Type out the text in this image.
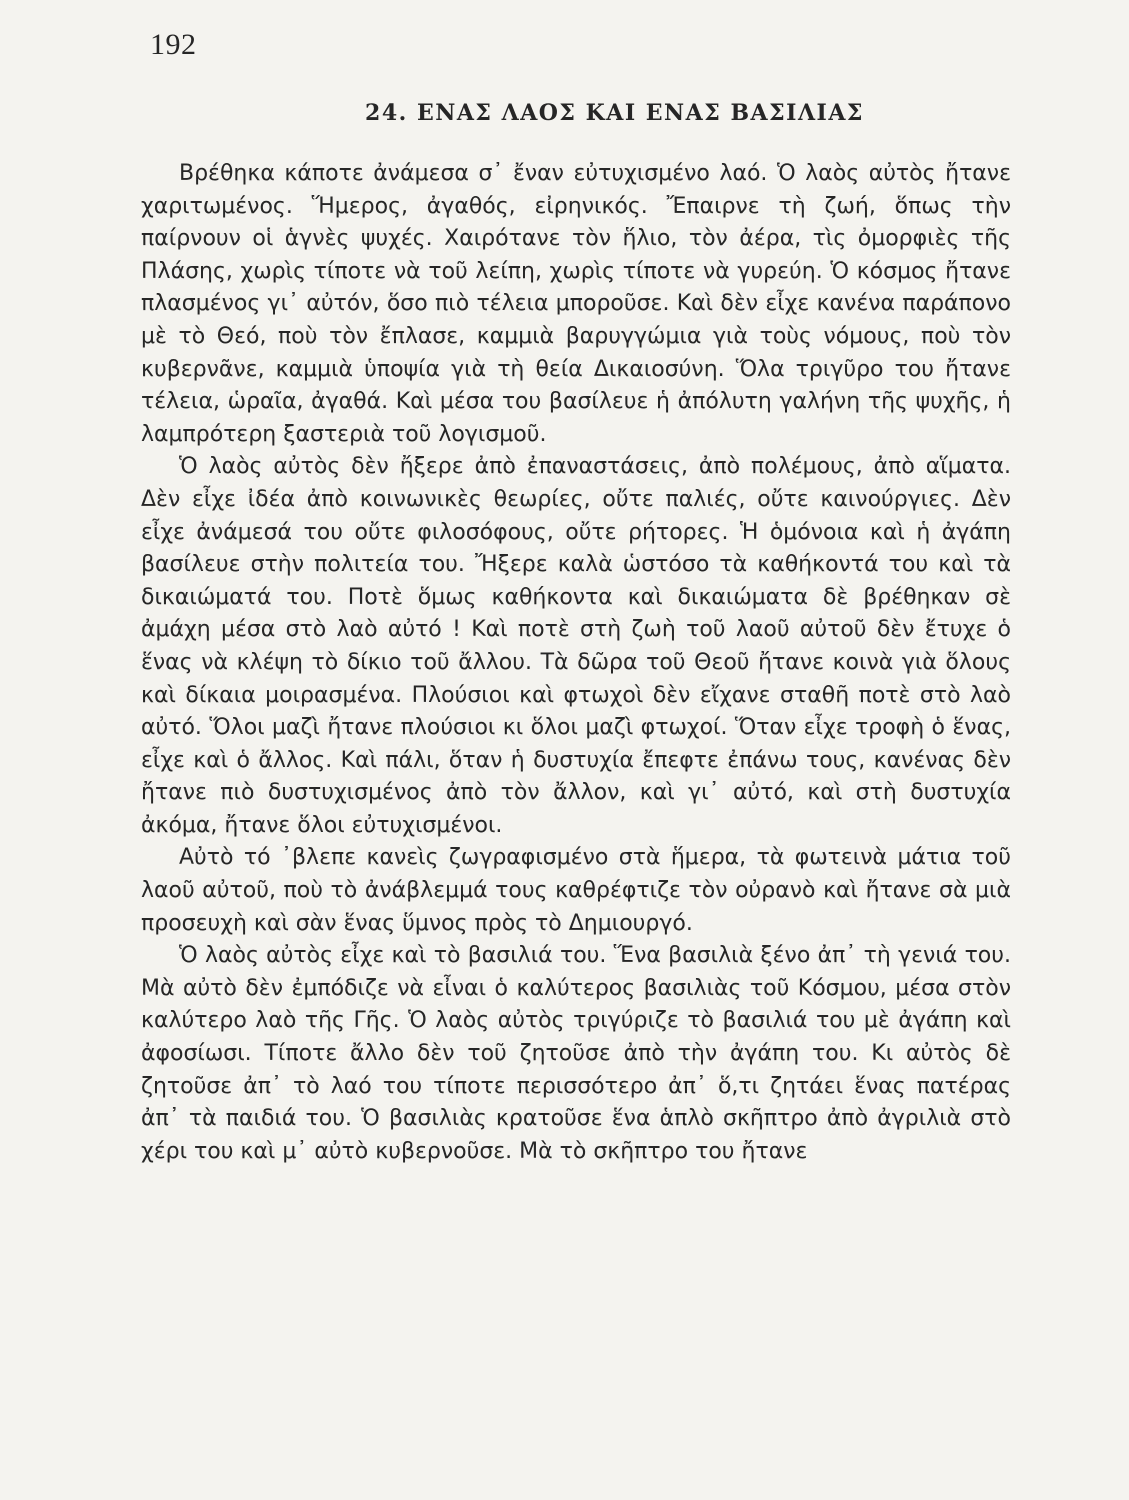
192
24. ΕΝΑΣ ΛΑΟΣ ΚΑΙ ΕΝΑΣ ΒΑΣΙΛΙΑΣ

Βρέθηκα κάποτε ἀνάμεσα σ᾽ ἔναν εὐτυχισμένο λαό. Ὁ λαὸς αὐτὸς ἤτανε χαριτωμένος. Ἥμερος, ἀγαθός, εἰρηνικός. Ἔπαιρνε τὴ ζωή, ὅπως τὴν παίρνουν οἱ ἁγνὲς ψυχές. Χαιρότανε τὸν ἥλιο, τὸν ἀέρα, τὶς ὀμορφιὲς τῆς Πλάσης, χωρὶς τίποτε νὰ τοῦ λείπη, χωρὶς τίποτε νὰ γυρεύη. Ὁ κόσμος ἤτανε πλασμένος γι᾽ αὐτόν, ὅσο πιὸ τέλεια μποροῦσε. Καὶ δὲν εἶχε κανένα παράπονο μὲ τὸ Θεό, ποὺ τὸν ἔπλασε, καμμιὰ βαρυγγώμια γιὰ τοὺς νόμους, ποὺ τὸν κυβερνᾶνε, καμμιὰ ὑποψία γιὰ τὴ θεία Δικαιοσύνη. Ὅλα τριγῦρο του ἤτανε τέλεια, ὡραῖα, ἀγαθά. Καὶ μέσα του βασίλευε ἡ ἀπόλυτη γαλήνη τῆς ψυχῆς, ἡ λαμπρότερη ξαστεριὰ τοῦ λογισμοῦ.

Ὁ λαὸς αὐτὸς δὲν ἤξερε ἀπὸ ἐπαναστάσεις, ἀπὸ πολέμους, ἀπὸ αἵματα. Δὲν εἶχε ἰδέα ἀπὸ κοινωνικὲς θεωρίες, οὔτε παλιές, οὔτε καινούργιες. Δὲν εἶχε ἀνάμεσά του οὔτε φιλοσόφους, οὔτε ρήτορες. Ἡ ὁμόνοια καὶ ἡ ἀγάπη βασίλευε στὴν πολιτεία του. Ἤξερε καλὰ ὡστόσο τὰ καθήκοντά του καὶ τὰ δικαιώματά του. Ποτὲ ὅμως καθήκοντα καὶ δικαιώματα δὲ βρέθηκαν σὲ ἀμάχη μέσα στὸ λαὸ αὐτό ! Καὶ ποτὲ στὴ ζωὴ τοῦ λαοῦ αὐτοῦ δὲν ἔτυχε ὁ ἕνας νὰ κλέψη τὸ δίκιο τοῦ ἄλλου. Τὰ δῶρα τοῦ Θεοῦ ἤτανε κοινὰ γιὰ ὅλους καὶ δίκαια μοιρασμένα. Πλούσιοι καὶ φτωχοὶ δὲν εἴχανε σταθῆ ποτὲ στὸ λαὸ αὐτό. Ὅλοι μαζὶ ἤτανε πλούσιοι κι ὅλοι μαζὶ φτωχοί. Ὅταν εἶχε τροφὴ ὁ ἕνας, εἶχε καὶ ὁ ἄλλος. Καὶ πάλι, ὅταν ἡ δυστυχία ἔπεφτε ἐπάνω τους, κανένας δὲν ἤτανε πιὸ δυστυχισμένος ἀπὸ τὸν ἄλλον, καὶ γι᾽ αὐτό, καὶ στὴ δυστυχία ἀκόμα, ἤτανε ὅλοι εὐτυχισμένοι.

Αὐτὸ τό ᾽βλεπε κανεὶς ζωγραφισμένο στὰ ἥμερα, τὰ φωτεινὰ μάτια τοῦ λαοῦ αὐτοῦ, ποὺ τὸ ἀνάβλεμμά τους καθρέφτιζε τὸν οὐρανὸ καὶ ἤτανε σὰ μιὰ προσευχὴ καὶ σὰν ἕνας ὕμνος πρὸς τὸ Δημιουργό.

Ὁ λαὸς αὐτὸς εἶχε καὶ τὸ βασιλιά του. Ἕνα βασιλιὰ ξένο ἀπ᾽ τὴ γενιά του. Μὰ αὐτὸ δὲν ἐμπόδιζε νὰ εἶναι ὁ καλύτερος βασιλιὰς τοῦ Κόσμου, μέσα στὸν καλύτερο λαὸ τῆς Γῆς. Ὁ λαὸς αὐτὸς τριγύριζε τὸ βασιλιά του μὲ ἀγάπη καὶ ἀφοσίωσι. Τίποτε ἄλλο δὲν τοῦ ζητοῦσε ἀπὸ τὴν ἀγάπη του. Κι αὐτὸς δὲ ζητοῦσε ἀπ᾽ τὸ λαό του τίποτε περισσότερο ἀπ᾽ ὅ,τι ζητάει ἕνας πατέρας ἀπ᾽ τὰ παιδιά του. Ὁ βασιλιὰς κρατοῦσε ἕνα ἁπλὸ σκῆπτρο ἀπὸ ἀγριλιὰ στὸ χέρι του καὶ μ᾽ αὐτὸ κυβερνοῦσε. Μὰ τὸ σκῆπτρο του ἤτανε
